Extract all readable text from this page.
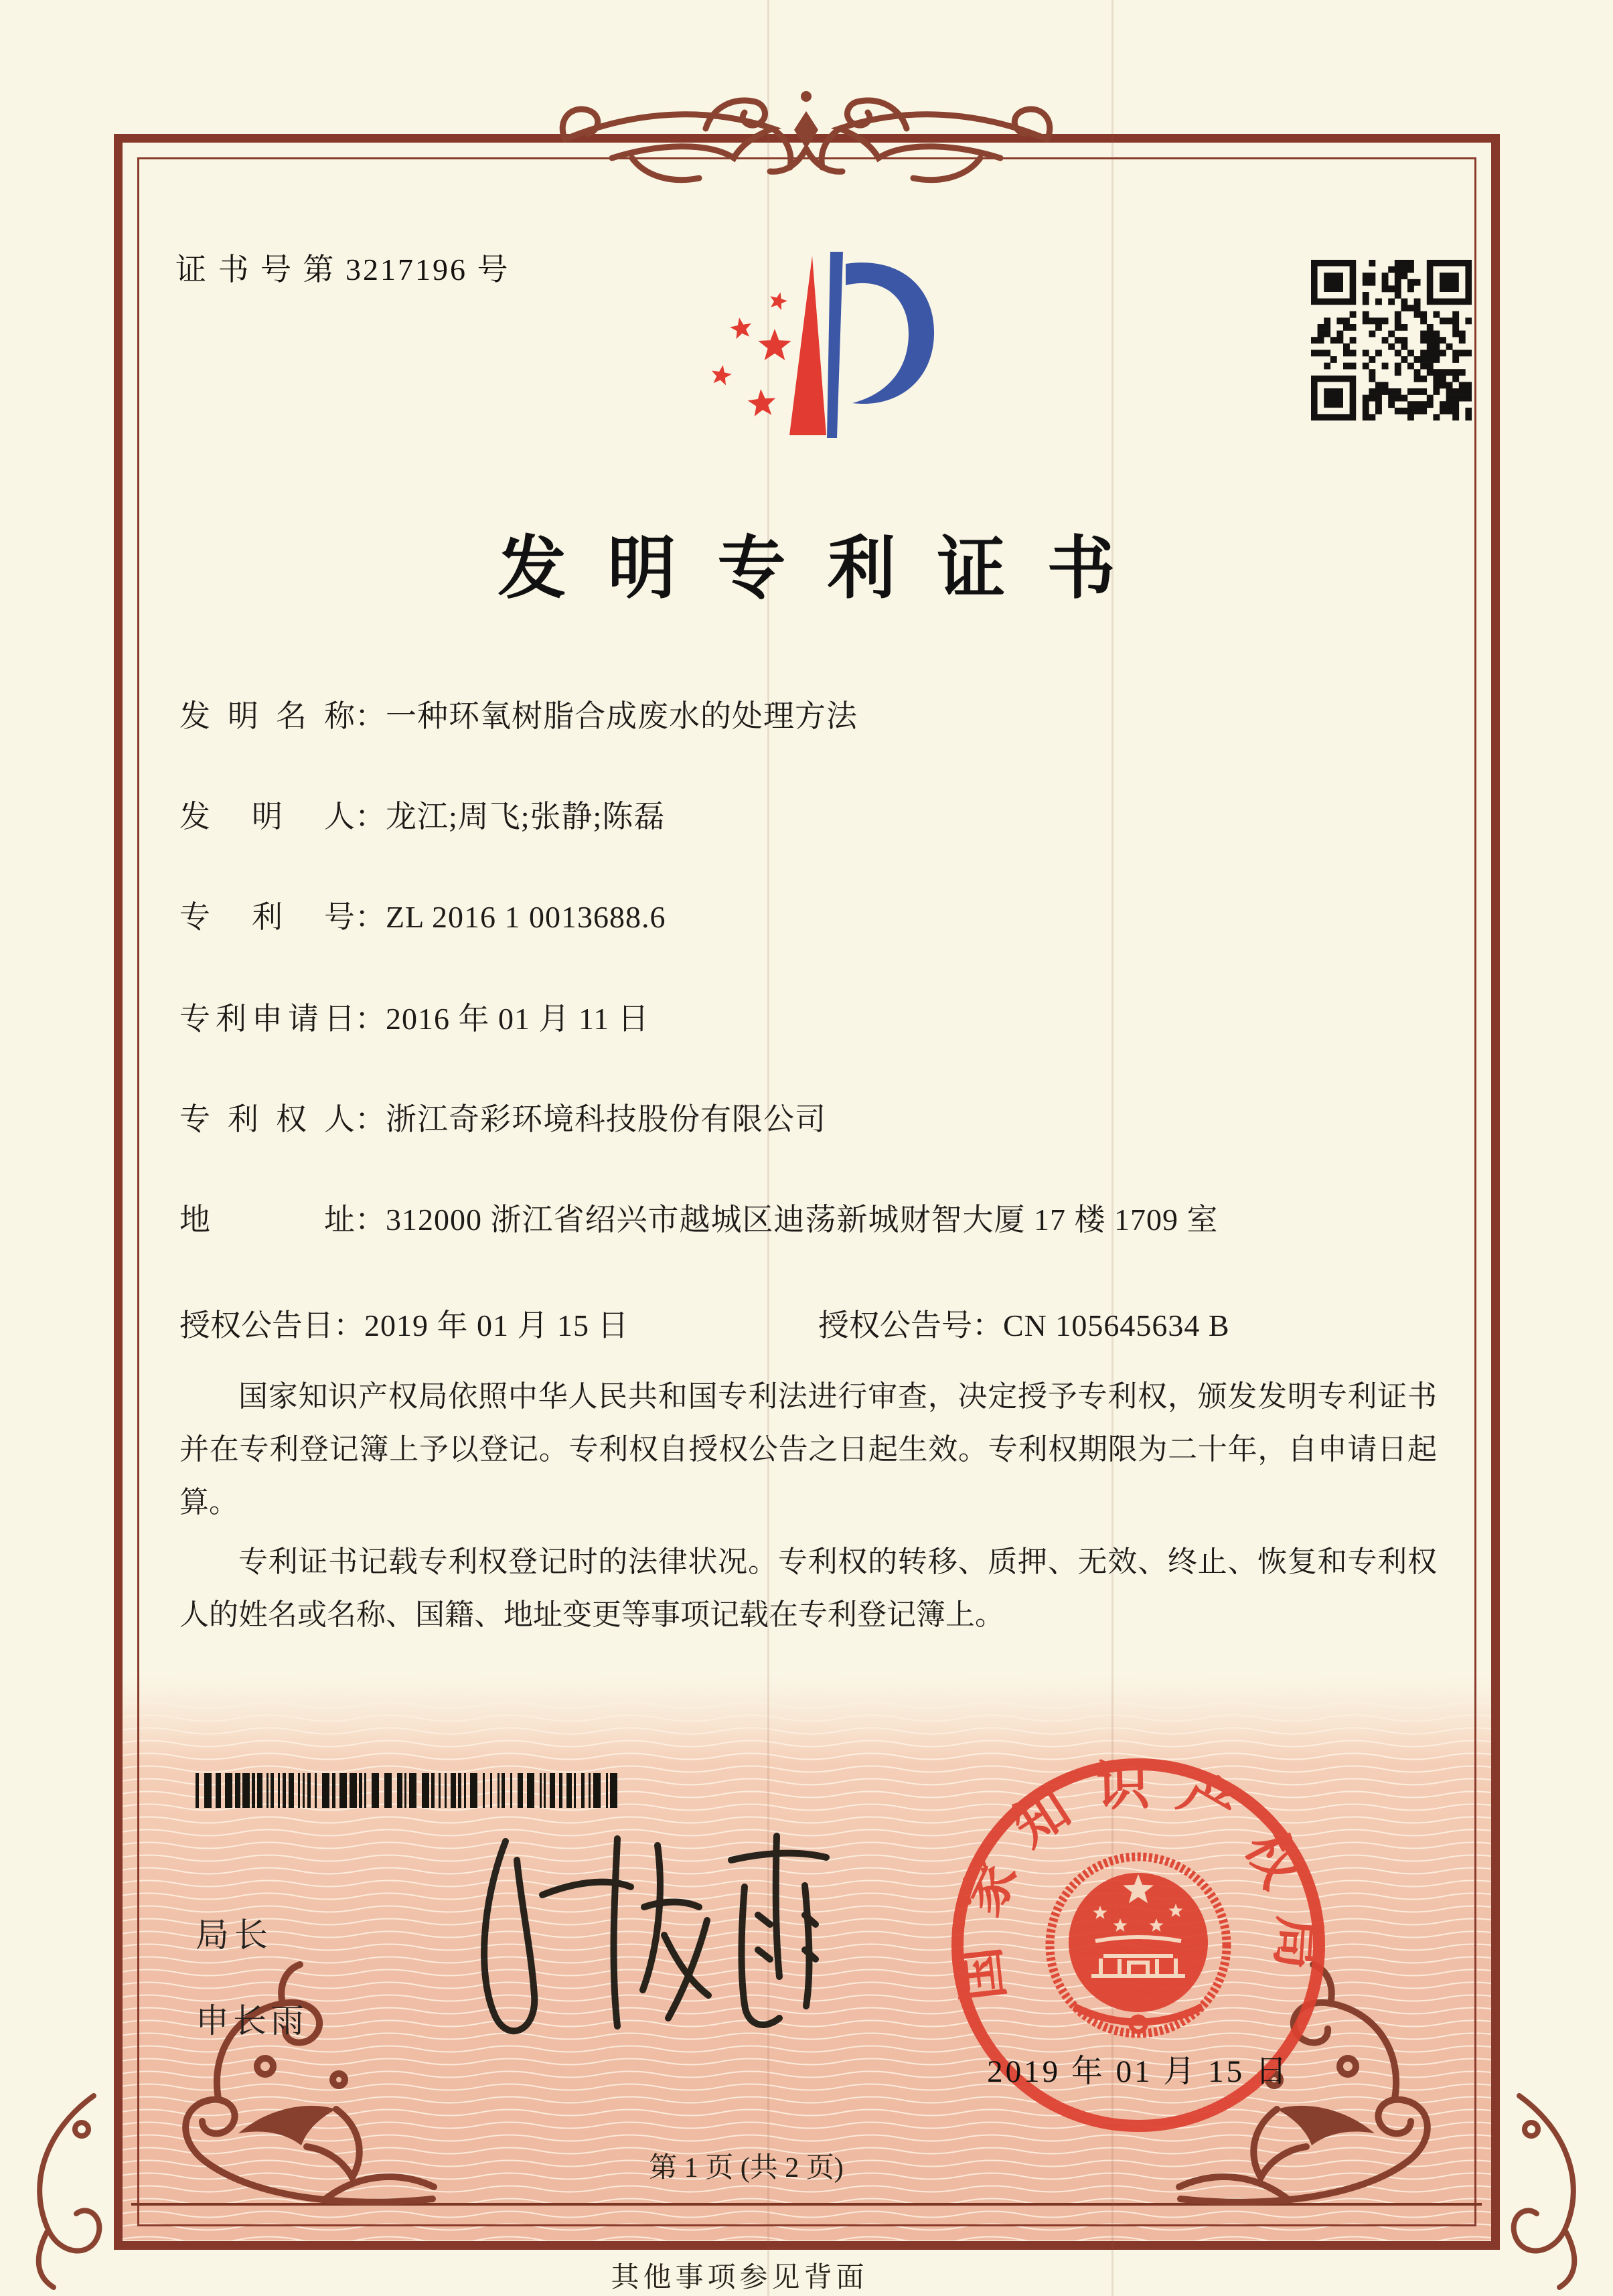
证 书 号 第 3217196 号
发明专利证书
发明名称：一种环氧树脂合成废水的处理方法
发明人：龙江;周飞;张静;陈磊
专利号：ZL 2016 1 0013688.6
专利申请日：2016 年 01 月 11 日
专利权人：浙江奇彩环境科技股份有限公司
地址：312000 浙江省绍兴市越城区迪荡新城财智大厦 17 楼 1709 室
授权公告日：2019 年 01 月 15 日	授权公告号：CN 105645634 B

国家知识产权局依照中华人民共和国专利法进行审查，决定授予专利权，颁发发明专利证书并在专利登记簿上予以登记。专利权自授权公告之日起生效。专利权期限为二十年，自申请日起算。

专利证书记载专利权登记时的法律状况。专利权的转移、质押、无效、终止、恢复和专利权人的姓名或名称、国籍、地址变更等事项记载在专利登记簿上。

局长
申长雨
国家知识产权局
2019 年 01 月 15 日
第 1 页 (共 2 页)
其他事项参见背面
